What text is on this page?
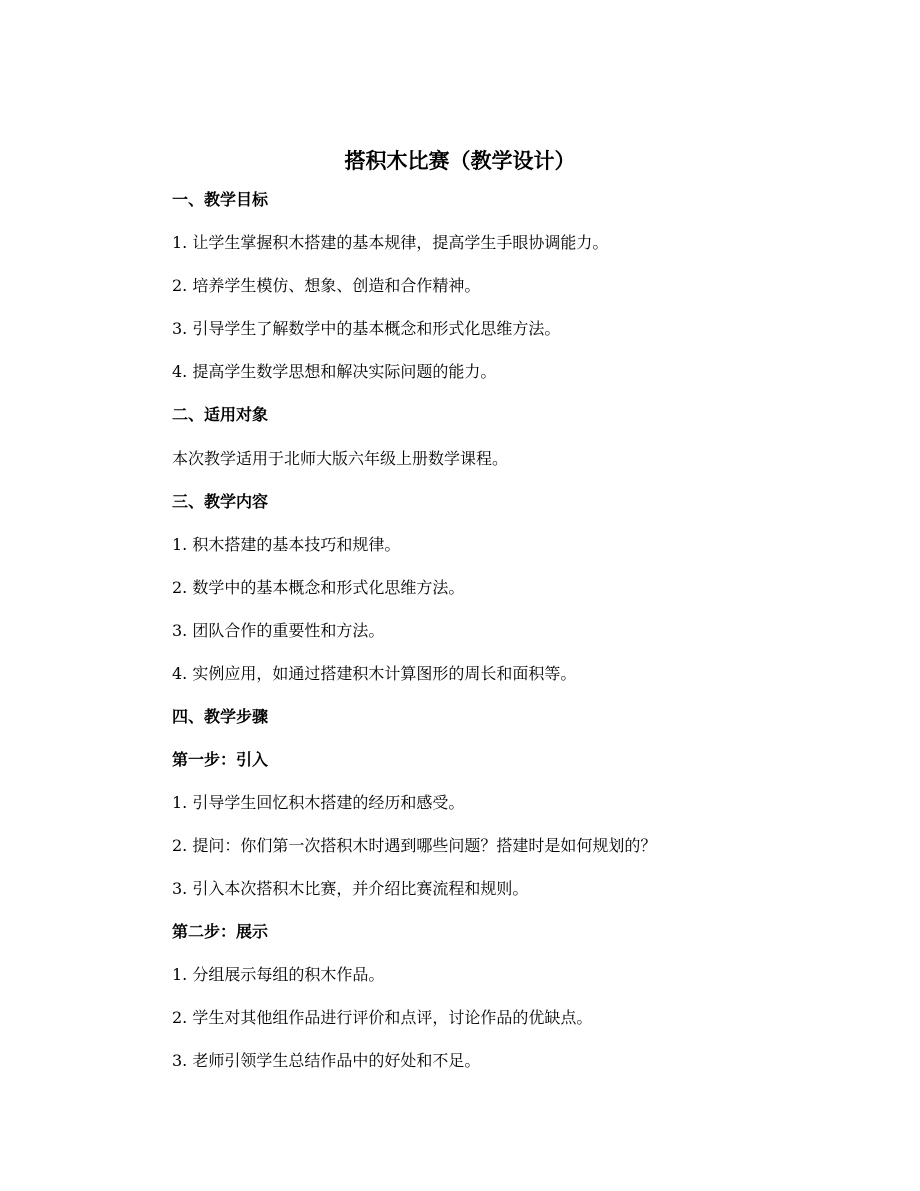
搭积木比赛（教学设计）

一、教学目标

1. 让学生掌握积木搭建的基本规律，提高学生手眼协调能力。

2. 培养学生模仿、想象、创造和合作精神。

3. 引导学生了解数学中的基本概念和形式化思维方法。

4. 提高学生数学思想和解决实际问题的能力。

二、适用对象

本次教学适用于北师大版六年级上册数学课程。

三、教学内容

1. 积木搭建的基本技巧和规律。

2. 数学中的基本概念和形式化思维方法。

3. 团队合作的重要性和方法。

4. 实例应用，如通过搭建积木计算图形的周长和面积等。

四、教学步骤

第一步：引入

1. 引导学生回忆积木搭建的经历和感受。

2. 提问：你们第一次搭积木时遇到哪些问题？搭建时是如何规划的？

3. 引入本次搭积木比赛，并介绍比赛流程和规则。

第二步：展示

1. 分组展示每组的积木作品。

2. 学生对其他组作品进行评价和点评，讨论作品的优缺点。

3. 老师引领学生总结作品中的好处和不足。
